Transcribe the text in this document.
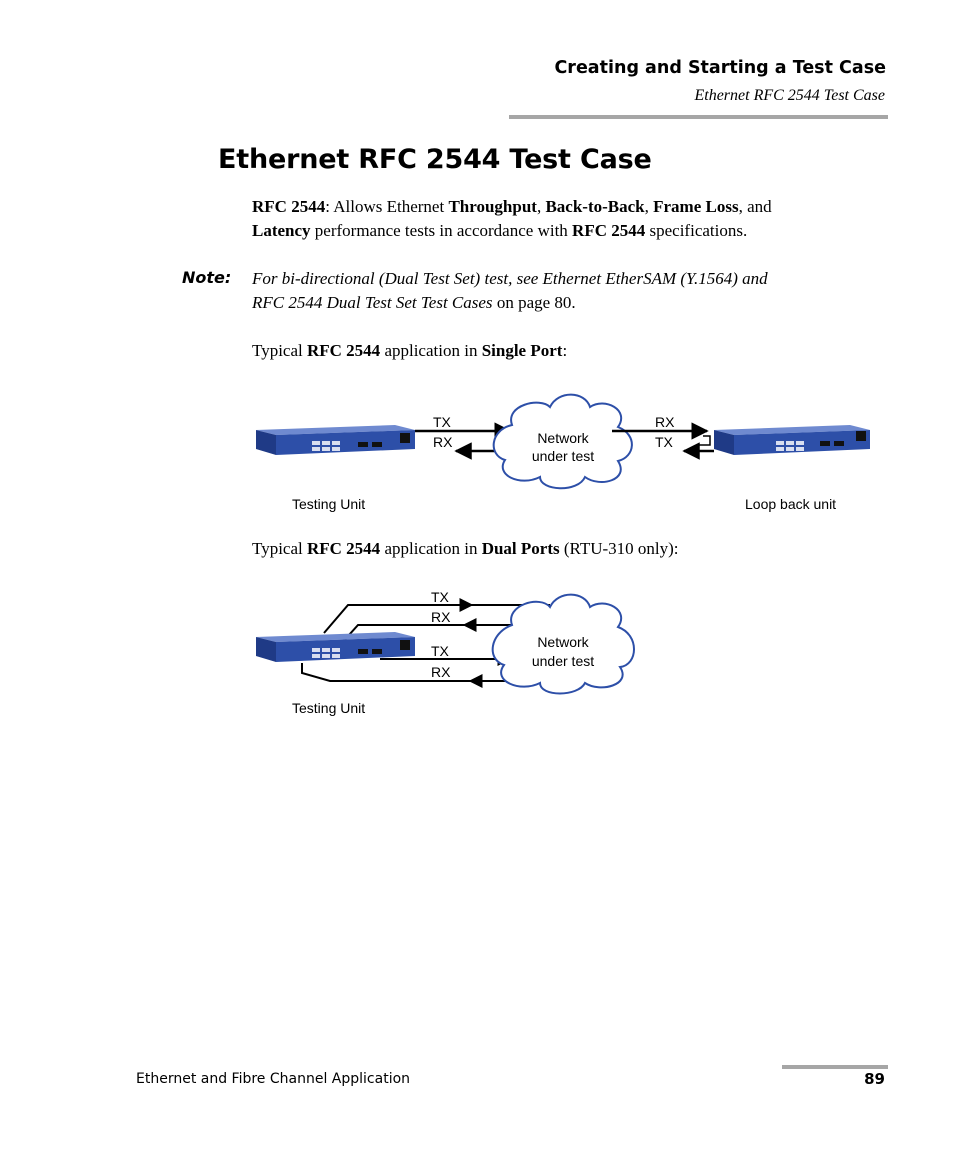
Creating and Starting a Test Case
Ethernet RFC 2544 Test Case
Ethernet RFC 2544 Test Case
RFC 2544: Allows Ethernet Throughput, Back-to-Back, Frame Loss, and
Latency performance tests in accordance with RFC 2544 specifications.
Note: For bi-directional (Dual Test Set) test, see Ethernet EtherSAM (Y.1564) and
RFC 2544 Dual Test Set Test Cases on page 80.
Typical RFC 2544 application in Single Port:
TX
RX	Network
under test
RX
TX
Testing Unit	Loop back unit
Typical RFC 2544 application in Dual Ports (RTU-310 only):
TX
RX
TX
RX
Network
under test
Testing Unit
Ethernet and Fibre Channel Application	89
